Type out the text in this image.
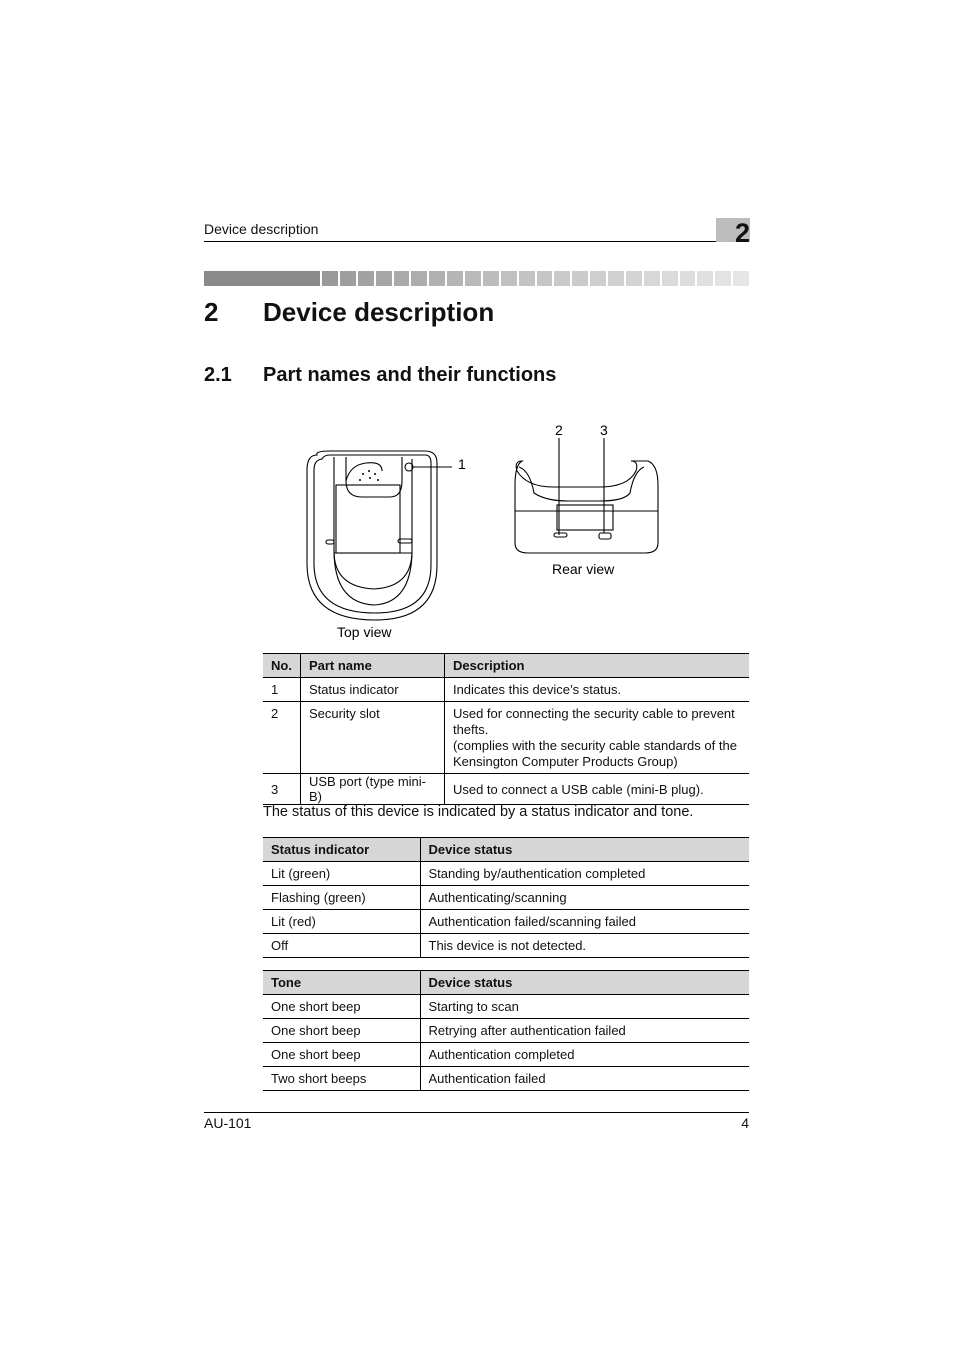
Device description	2
2 Device description
2.1 Part names and their functions
1
2	3
Rear view
Top view
No.	Part name	Description
1	Status indicator	Indicates this device’s status.

2	Security slot	Used for connecting the security cable to prevent
thefts.
(complies with the security cable standards of the
Kensington Computer Products Group)

3	USB port (type mini-B)	Used to connect a USB cable (mini-B plug).
The status of this device is indicated by a status indicator and tone.
Status indicator	Device status
Lit (green)	Standing by/authentication completed
Flashing (green)	Authenticating/scanning
Lit (red)	Authentication failed/scanning failed
Off	This device is not detected.
Tone	Device status
One short beep	Starting to scan
One short beep	Retrying after authentication failed
One short beep	Authentication completed
Two short beeps	Authentication failed
AU-101	4
